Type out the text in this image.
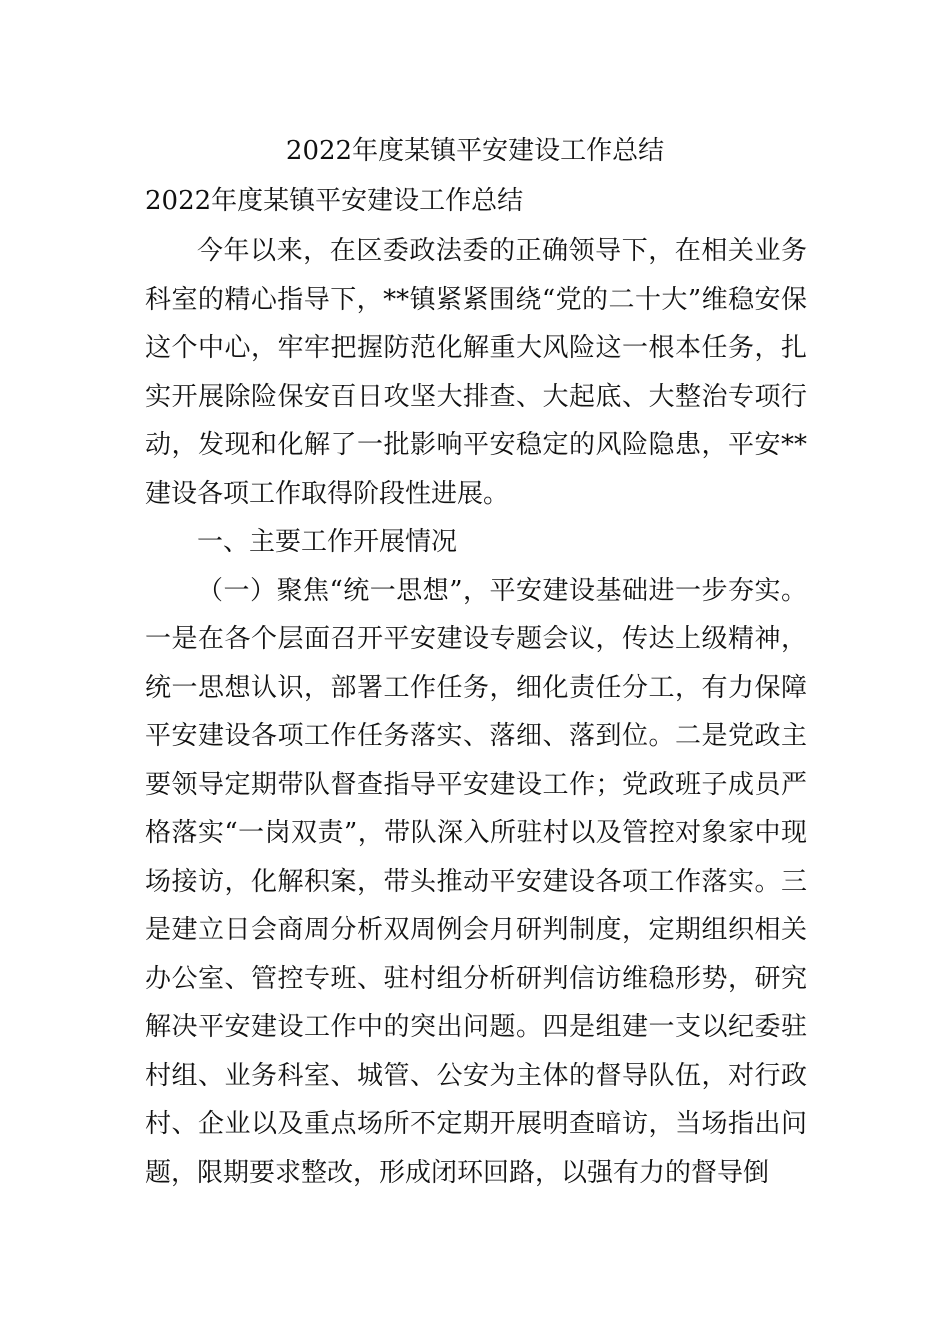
2022年度某镇平安建设工作总结
2022年度某镇平安建设工作总结

今年以来，在区委政法委的正确领导下，在相关业务科室的精心指导下，**镇紧紧围绕“党的二十大”维稳安保这个中心，牢牢把握防范化解重大风险这一根本任务，扎实开展除险保安百日攻坚大排查、大起底、大整治专项行动，发现和化解了一批影响平安稳定的风险隐患，平安**建设各项工作取得阶段性进展。

一、主要工作开展情况

（一）聚焦“统一思想”，平安建设基础进一步夯实。一是在各个层面召开平安建设专题会议，传达上级精神，统一思想认识，部署工作任务，细化责任分工，有力保障平安建设各项工作任务落实、落细、落到位。二是党政主要领导定期带队督查指导平安建设工作；党政班子成员严格落实“一岗双责”，带队深入所驻村以及管控对象家中现场接访，化解积案，带头推动平安建设各项工作落实。三是建立日会商周分析双周例会月研判制度，定期组织相关办公室、管控专班、驻村组分析研判信访维稳形势，研究解决平安建设工作中的突出问题。四是组建一支以纪委驻村组、业务科室、城管、公安为主体的督导队伍，对行政村、企业以及重点场所不定期开展明查暗访，当场指出问题，限期要求整改，形成闭环回路，以强有力的督导倒
